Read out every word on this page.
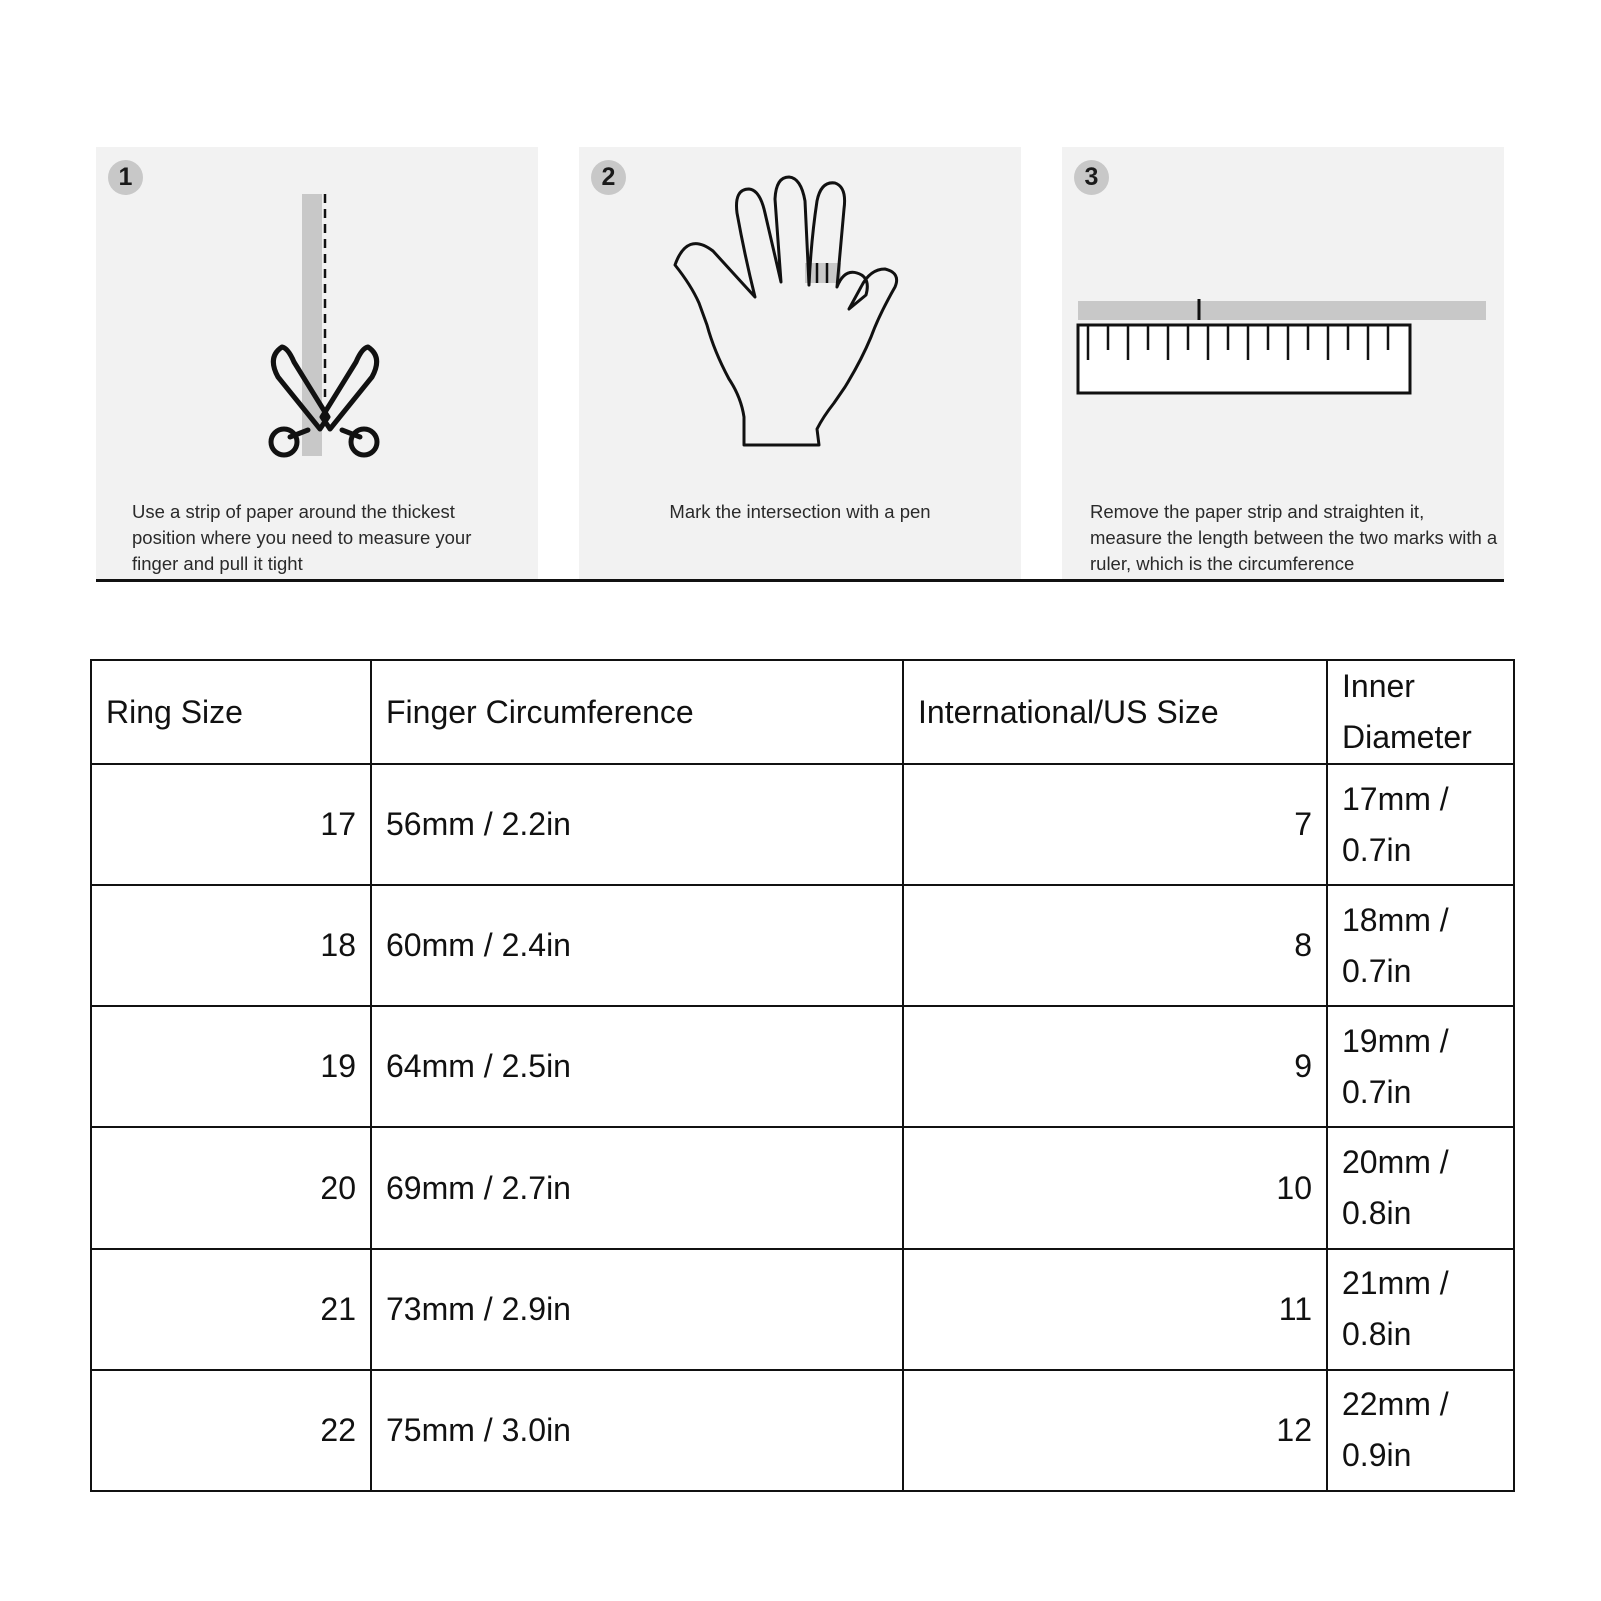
1
Use a strip of paper around the thickest position where you need to measure your finger and pull it tight
2
Mark the intersection with a pen
3
Remove the paper strip and straighten it, measure the length between the two marks with a ruler, which is the circumference
Ring Size	Finger Circumference	International/US Size	Inner Diameter
17	56mm / 2.2in	7	17mm / 0.7in
18	60mm / 2.4in	8	18mm / 0.7in
19	64mm / 2.5in	9	19mm / 0.7in
20	69mm / 2.7in	10	20mm / 0.8in
21	73mm / 2.9in	11	21mm / 0.8in
22	75mm / 3.0in	12	22mm / 0.9in
